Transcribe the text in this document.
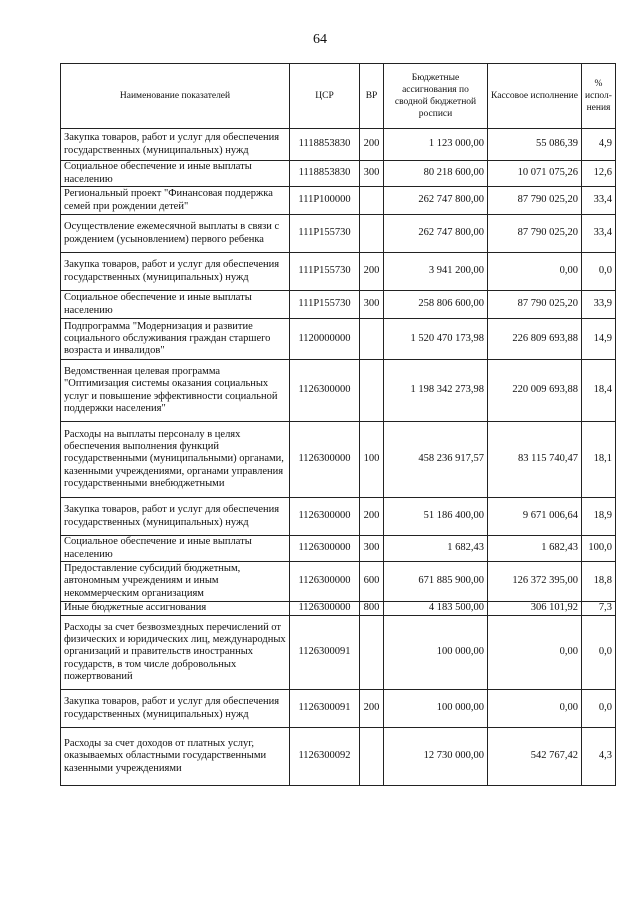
64
Наименование показателей	ЦСР	ВР	Бюджетные ассигнования по сводной бюджетной росписи	Кассовое исполнение	% испол-нения
Закупка товаров, работ и услуг для обеспечения государственных (муниципальных) нужд	1118853830	200	1 123 000,00	55 086,39	4,9
Социальное обеспечение и иные выплаты населению	1118853830	300	80 218 600,00	10 071 075,26	12,6
Региональный проект "Финансовая поддержка семей при рождении детей"	111P100000		262 747 800,00	87 790 025,20	33,4
Осуществление ежемесячной выплаты в связи с рождением (усыновлением) первого ребенка	111P155730		262 747 800,00	87 790 025,20	33,4
Закупка товаров, работ и услуг для обеспечения государственных (муниципальных) нужд	111P155730	200	3 941 200,00	0,00	0,0
Социальное обеспечение и иные выплаты населению	111P155730	300	258 806 600,00	87 790 025,20	33,9
Подпрограмма "Модернизация и развитие социального обслуживания граждан старшего возраста и инвалидов"	1120000000		1 520 470 173,98	226 809 693,88	14,9
Ведомственная целевая программа "Оптимизация системы оказания социальных услуг и повышение эффективности социальной поддержки населения"	1126300000		1 198 342 273,98	220 009 693,88	18,4
Расходы на выплаты персоналу в целях обеспечения выполнения функций государственными (муниципальными) органами, казенными учреждениями, органами управления государственными внебюджетными	1126300000	100	458 236 917,57	83 115 740,47	18,1
Закупка товаров, работ и услуг для обеспечения государственных (муниципальных) нужд	1126300000	200	51 186 400,00	9 671 006,64	18,9
Социальное обеспечение и иные выплаты населению	1126300000	300	1 682,43	1 682,43	100,0
Предоставление субсидий бюджетным, автономным учреждениям и иным некоммерческим организациям	1126300000	600	671 885 900,00	126 372 395,00	18,8
Иные бюджетные ассигнования	1126300000	800	4 183 500,00	306 101,92	7,3
Расходы за счет безвозмездных перечислений от физических и юридических лиц, международных организаций и правительств иностранных государств, в том числе добровольных пожертвований	1126300091		100 000,00	0,00	0,0
Закупка товаров, работ и услуг для обеспечения государственных (муниципальных) нужд	1126300091	200	100 000,00	0,00	0,0
Расходы за счет доходов от платных услуг, оказываемых областными государственными казенными учреждениями	1126300092		12 730 000,00	542 767,42	4,3
